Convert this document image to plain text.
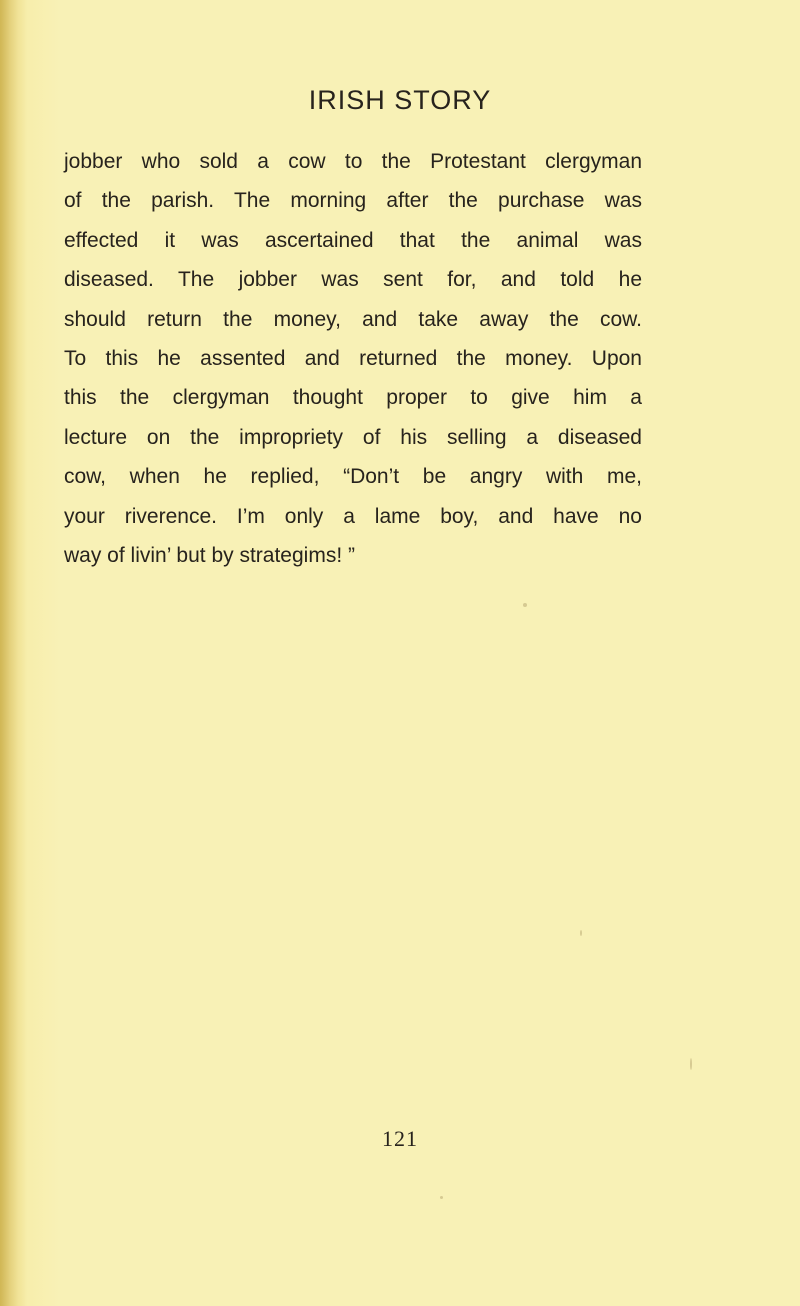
IRISH STORY
jobber who sold a cow to the Protestant clergyman
of the parish. The morning after the purchase was
effected it was ascertained that the animal was
diseased. The jobber was sent for, and told he
should return the money, and take away the cow.
To this he assented and returned the money. Upon
this the clergyman thought proper to give him a
lecture on the impropriety of his selling a diseased
cow, when he replied, “Don’t be angry with me,
your riverence. I’m only a lame boy, and have no
way of livin’ but by strategims! ”
121
